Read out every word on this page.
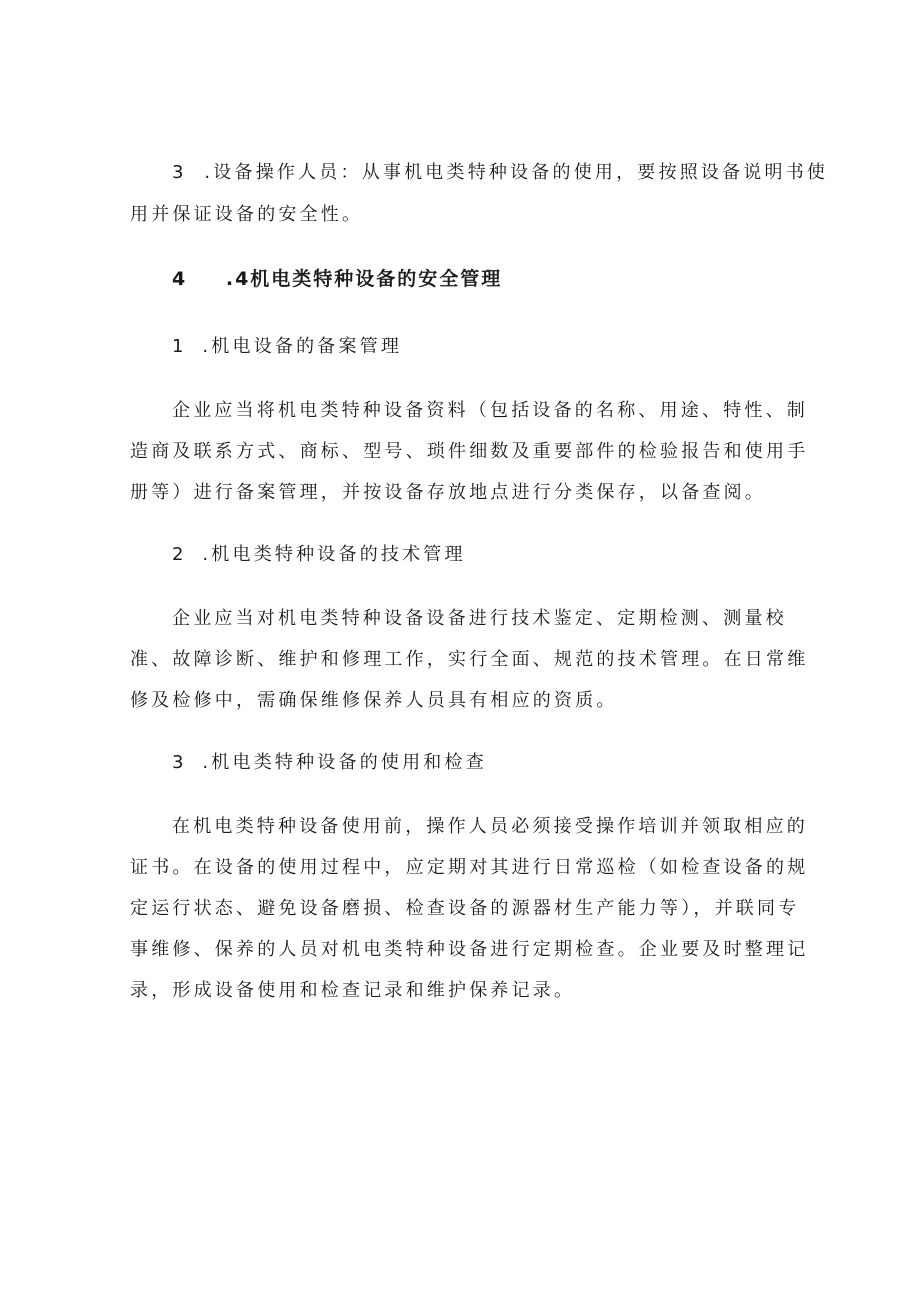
3 .设备操作人员：从事机电类特种设备的使用，要按照设备说明书使
用并保证设备的安全性。
4 .4机电类特种设备的安全管理
1 .机电设备的备案管理
企业应当将机电类特种设备资料（包括设备的名称、用途、特性、制
造商及联系方式、商标、型号、琐件细数及重要部件的检验报告和使用手
册等）进行备案管理，并按设备存放地点进行分类保存，以备查阅。
2 .机电类特种设备的技术管理
企业应当对机电类特种设备设备进行技术鉴定、定期检测、测量校
准、故障诊断、维护和修理工作，实行全面、规范的技术管理。在日常维
修及检修中，需确保维修保养人员具有相应的资质。
3 .机电类特种设备的使用和检查
在机电类特种设备使用前，操作人员必须接受操作培训并领取相应的
证书。在设备的使用过程中，应定期对其进行日常巡检（如检查设备的规
定运行状态、避免设备磨损、检查设备的源器材生产能力等），并联同专
事维修、保养的人员对机电类特种设备进行定期检查。企业要及时整理记
录，形成设备使用和检查记录和维护保养记录。
